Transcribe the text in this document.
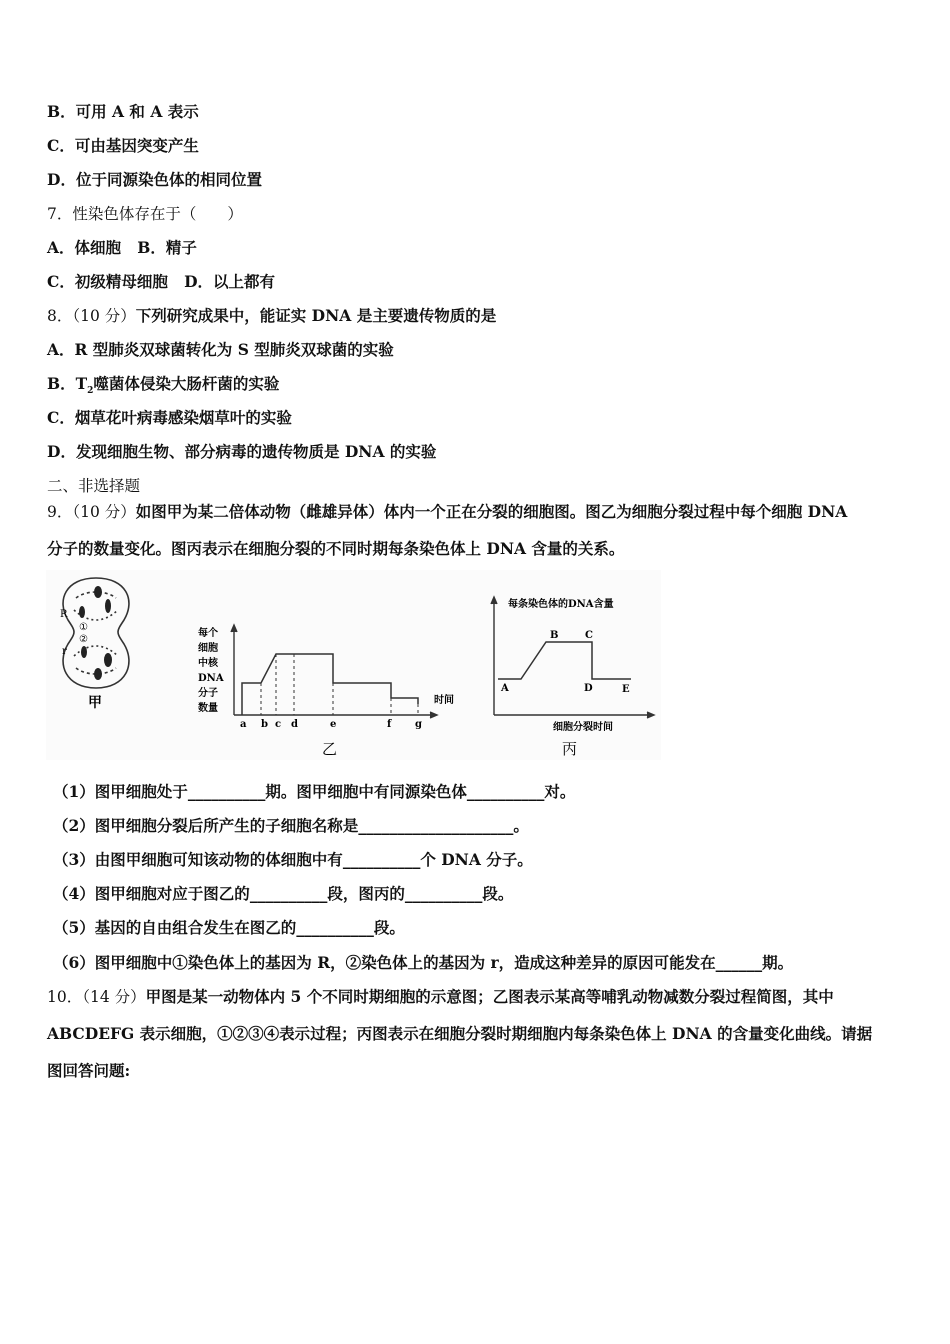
B．可用 A 和 A 表示
C．可由基因突变产生
D．位于同源染色体的相同位置
7．性染色体存在于（　　）
A．体细胞 B．精子
C．初级精母细胞 D．以上都有
8．（10 分）下列研究成果中，能证实 DNA 是主要遗传物质的是
A．R 型肺炎双球菌转化为 S 型肺炎双球菌的实验
B．$T_2$噬菌体侵染大肠杆菌的实验
C．烟草花叶病毒感染烟草叶的实验
D．发现细胞生物、部分病毒的遗传物质是 DNA 的实验
二、非选择题
9．（10 分）如图甲为某二倍体动物（雌雄异体）体内一个正在分裂的细胞图。图乙为细胞分裂过程中每个细胞 DNA
分子的数量变化。图丙表示在细胞分裂的不同时期每条染色体上 DNA 含量的关系。
R
①
②
r
甲
每个
细胞
中核
DNA
分子
数量
a b c d	e	f g
时间
乙
每条染色体的DNA含量
A
B	C
D	E
细胞分裂时间
丙
（1）图甲细胞处于__________期。图甲细胞中有同源染色体__________对。
（2）图甲细胞分裂后所产生的子细胞名称是____________________。
（3）由图甲细胞可知该动物的体细胞中有__________个 DNA 分子。
（4）图甲细胞对应于图乙的__________段，图丙的__________段。
（5）基因的自由组合发生在图乙的__________段。
（6）图甲细胞中①染色体上的基因为 R，②染色体上的基因为 r，造成这种差异的原因可能发在______期。
10．（14 分）甲图是某一动物体内 5 个不同时期细胞的示意图；乙图表示某高等哺乳动物减数分裂过程简图，其中
ABCDEFG 表示细胞，①②③④表示过程；丙图表示在细胞分裂时期细胞内每条染色体上 DNA 的含量变化曲线。请据
图回答问题:
